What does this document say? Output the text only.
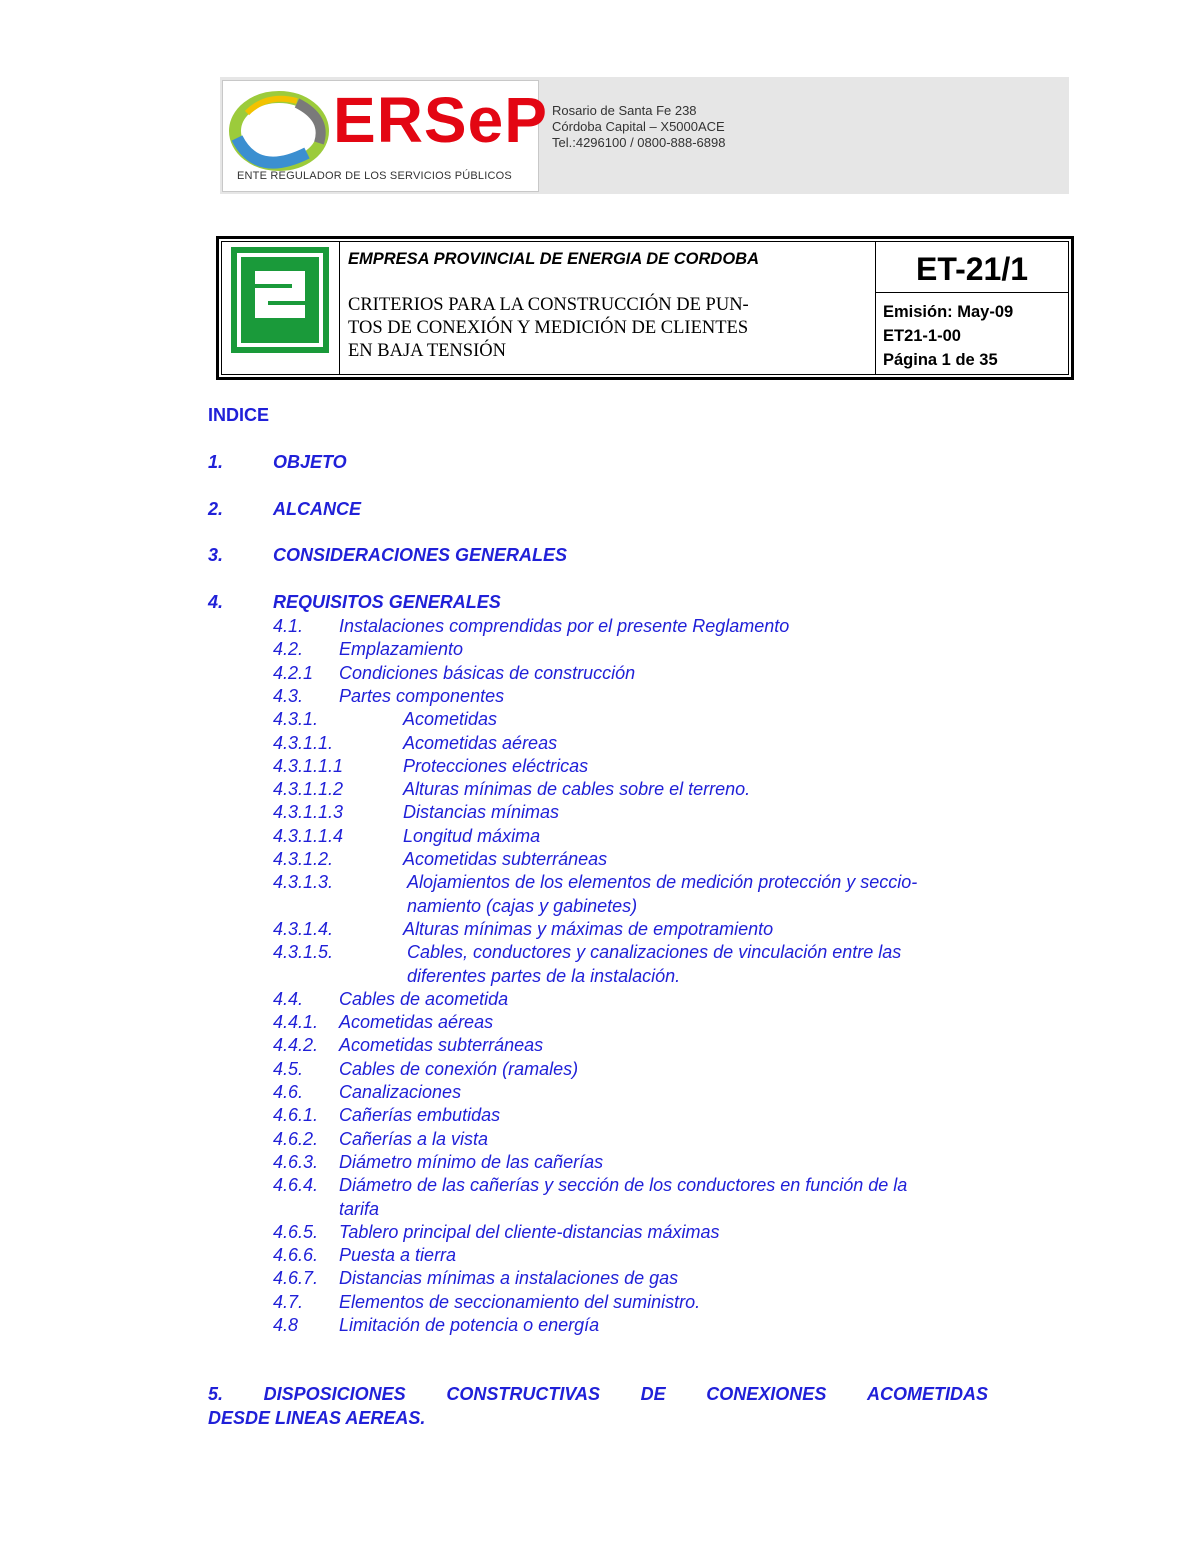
ERSeP
ENTE REGULADOR DE LOS SERVICIOS PÚBLICOS
Rosario de Santa Fe 238
Córdoba Capital – X5000ACE
Tel.:4296100 / 0800-888-6898
EMPRESA PROVINCIAL DE ENERGIA DE CORDOBA
CRITERIOS PARA LA CONSTRUCCIÓN DE PUN-
TOS DE CONEXIÓN Y MEDICIÓN DE CLIENTES
EN BAJA TENSIÓN
ET-21/1
Emisión: May-09
ET21-1-00
Página 1 de 35
INDICE
1.	OBJETO
2.	ALCANCE
3.	CONSIDERACIONES GENERALES
4.	REQUISITOS GENERALES
4.1. Instalaciones comprendidas por el presente Reglamento
4.2. Emplazamiento
4.2.1 Condiciones básicas de construcción
4.3. Partes componentes
4.3.1.	Acometidas
4.3.1.1.	Acometidas aéreas
4.3.1.1.1	Protecciones eléctricas
4.3.1.1.2	Alturas mínimas de cables sobre el terreno.
4.3.1.1.3	Distancias mínimas
4.3.1.1.4	Longitud máxima
4.3.1.2.	Acometidas subterráneas
4.3.1.3.	Alojamientos de los elementos de medición protección y seccio-
namiento (cajas y gabinetes)
4.3.1.4.	Alturas mínimas y máximas de empotramiento
4.3.1.5.	Cables, conductores y canalizaciones de vinculación entre las
diferentes partes de la instalación.
4.4. Cables de acometida
4.4.1. Acometidas aéreas
4.4.2. Acometidas subterráneas
4.5. Cables de conexión (ramales)
4.6. Canalizaciones
4.6.1. Cañerías embutidas
4.6.2. Cañerías a la vista
4.6.3. Diámetro mínimo de las cañerías
4.6.4. Diámetro de las cañerías y sección de los conductores en función de la
tarifa
4.6.5. Tablero principal del cliente-distancias máximas
4.6.6. Puesta a tierra
4.6.7. Distancias mínimas a instalaciones de gas
4.7. Elementos de seccionamiento del suministro.
4.8 Limitación de potencia o energía
5. DISPOSICIONES CONSTRUCTIVAS DE CONEXIONES ACOMETIDAS
DESDE LINEAS AEREAS.
